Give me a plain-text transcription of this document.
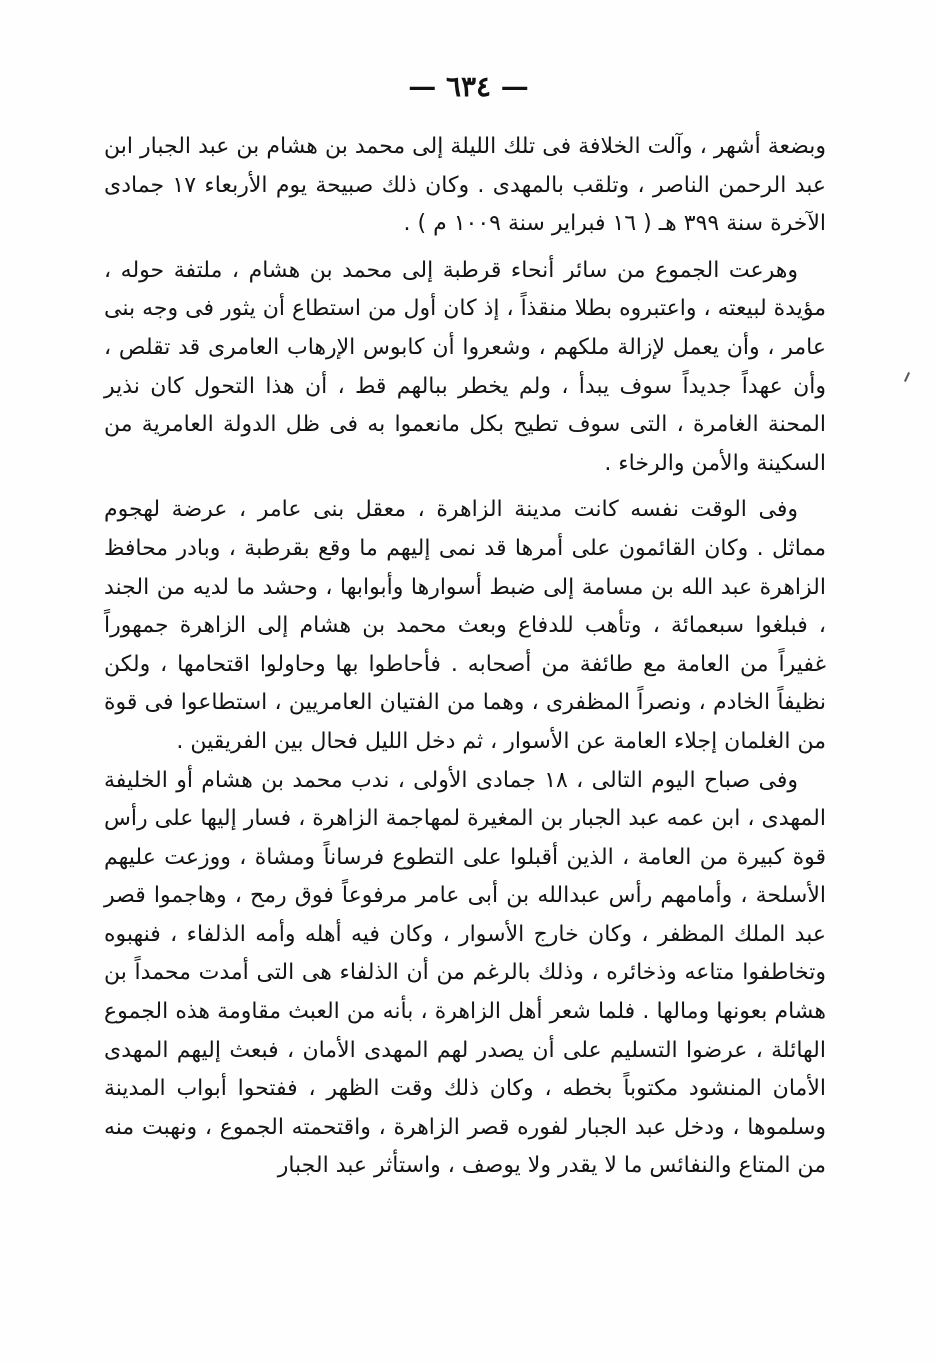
— ٦٣٤ —

وبضعة أشهر ، وآلت الخلافة فى تلك الليلة إلى محمد بن هشام بن عبد الجبار ابن عبد الرحمن الناصر ، وتلقب بالمهدى . وكان ذلك صبيحة يوم الأربعاء ١٧ جمادى الآخرة سنة ٣٩٩ هـ ( ١٦ فبراير سنة ١٠٠٩ م ) .

وهرعت الجموع من سائر أنحاء قرطبة إلى محمد بن هشام ، ملتفة حوله ، مؤيدة لبيعته ، واعتبروه بطلا منقذاً ، إذ كان أول من استطاع أن يثور فى وجه بنى عامر ، وأن يعمل لإزالة ملكهم ، وشعروا أن كابوس الإرهاب العامرى قد تقلص ، وأن عهداً جديداً سوف يبدأ ، ولم يخطر ببالهم قط ، أن هذا التحول كان نذير المحنة الغامرة ، التى سوف تطيح بكل مانعموا به فى ظل الدولة العامرية من السكينة والأمن والرخاء .

وفى الوقت نفسه كانت مدينة الزاهرة ، معقل بنى عامر ، عرضة لهجوم مماثل . وكان القائمون على أمرها قد نمى إليهم ما وقع بقرطبة ، وبادر محافظ الزاهرة عبد الله بن مسامة إلى ضبط أسوارها وأبوابها ، وحشد ما لديه من الجند ، فبلغوا سبعمائة ، وتأهب للدفاع وبعث محمد بن هشام إلى الزاهرة جمهوراً غفيراً من العامة مع طائفة من أصحابه . فأحاطوا بها وحاولوا اقتحامها ، ولكن نظيفاً الخادم ، ونصراً المظفرى ، وهما من الفتيان العامريين ، استطاعوا فى قوة من الغلمان إجلاء العامة عن الأسوار ، ثم دخل الليل فحال بين الفريقين .

وفى صباح اليوم التالى ، ١٨ جمادى الأولى ، ندب محمد بن هشام أو الخليفة المهدى ، ابن عمه عبد الجبار بن المغيرة لمهاجمة الزاهرة ، فسار إليها على رأس قوة كبيرة من العامة ، الذين أقبلوا على التطوع فرساناً ومشاة ، ووزعت عليهم الأسلحة ، وأمامهم رأس عبدالله بن أبى عامر مرفوعاً فوق رمح ، وهاجموا قصر عبد الملك المظفر ، وكان خارج الأسوار ، وكان فيه أهله وأمه الذلفاء ، فنهبوه وتخاطفوا متاعه وذخائره ، وذلك بالرغم من أن الذلفاء هى التى أمدت محمداً بن هشام بعونها ومالها . فلما شعر أهل الزاهرة ، بأنه من العبث مقاومة هذه الجموع الهائلة ، عرضوا التسليم على أن يصدر لهم المهدى الأمان ، فبعث إليهم المهدى الأمان المنشود مكتوباً بخطه ، وكان ذلك وقت الظهر ، ففتحوا أبواب المدينة وسلموها ، ودخل عبد الجبار لفوره قصر الزاهرة ، واقتحمته الجموع ، ونهبت منه من المتاع والنفائس ما لا يقدر ولا يوصف ، واستأثر عبد الجبار
